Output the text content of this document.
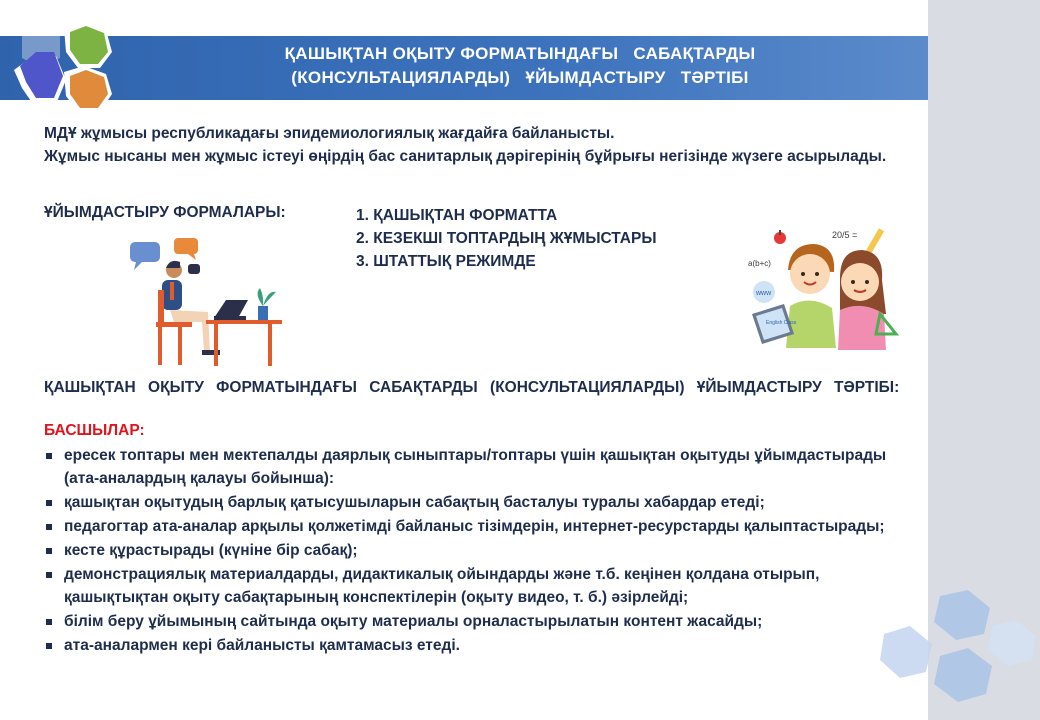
ҚАШЫҚТАН ОҚЫТУ ФОРМАТЫНДАҒЫ   САБАҚТАРДЫ
(КОНСУЛЬТАЦИЯЛАРДЫ)   ҰЙЫМДАСТЫРУ   ТӘРТІБІ
МДҰ жұмысы республикадағы эпидемиологиялық жағдайға байланысты.
Жұмыс нысаны мен жұмыс істеуі өңірдің бас санитарлық дәрігерінің бұйрығы негізінде жүзеге асырылады.
ҰЙЫМДАСТЫРУ ФОРМАЛАРЫ:	1. ҚАШЫҚТАН ФОРМАТТА
2. КЕЗЕКШІ ТОПТАРДЫҢ ЖҰМЫСТАРЫ
3. ШТАТТЫҚ РЕЖИМДЕ
20/5 =
a(b+c)
www
English Class
ҚАШЫҚТАН ОҚЫТУ ФОРМАТЫНДАҒЫ САБАҚТАРДЫ (КОНСУЛЬТАЦИЯЛАРДЫ) ҰЙЫМДАСТЫРУ ТӘРТІБІ:
БАСШЫЛАР:
ересек топтары мен мектепалды даярлық сыныптары/топтары үшін қашықтан оқытуды ұйымдастырады (ата-аналардың қалауы бойынша):
қашықтан оқытудың барлық қатысушыларын сабақтың басталуы туралы хабардар етеді;
педагогтар ата-аналар арқылы қолжетімді байланыс тізімдерін, интернет-ресурстарды қалыптастырады;
кесте құрастырады (күніне бір сабақ);
демонстрациялық материалдарды, дидактикалық ойындарды және т.б. кеңінен қолдана отырып, қашықтықтан оқыту сабақтарының конспектілерін (оқыту видео, т. б.) әзірлейді;
білім беру ұйымының сайтында оқыту материалы орналастырылатын контент жасайды;
ата-аналармен кері байланысты қамтамасыз етеді.
